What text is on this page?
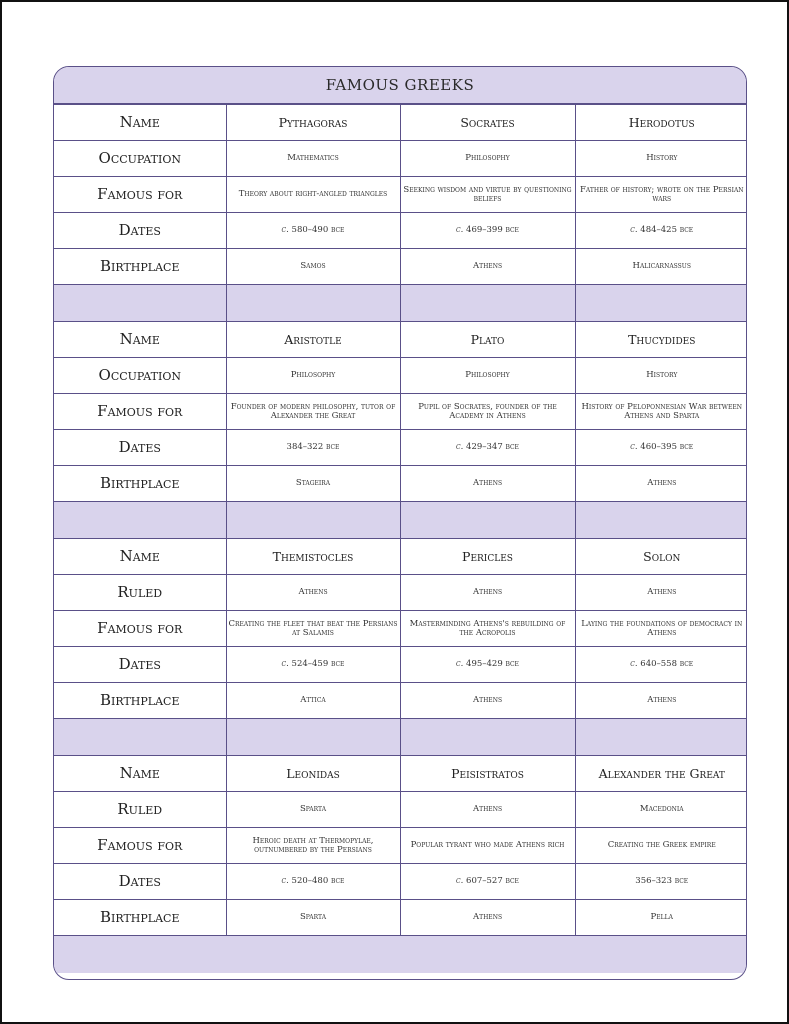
FAMOUS GREEKS
Name	Pythagoras	Socrates	Herodotus
Occupation	Mathematics	Philosophy	History
Famous for	Theory about right-angled triangles	Seeking wisdom and virtue by questioning beliefs	Father of history; wrote on the Persian wars
Dates	c. 580–490 bce	c. 469–399 bce	c. 484–425 bce
Birthplace	Samos	Athens	Halicarnassus

Name	Aristotle	Plato	Thucydides
Occupation	Philosophy	Philosophy	History
Famous for	Founder of modern philosophy, tutor of Alexander the Great	Pupil of Socrates, founder of the Academy in Athens	History of Peloponnesian War between Athens and Sparta
Dates	384–322 bce	c. 429–347 bce	c. 460–395 bce
Birthplace	Stageira	Athens	Athens

Name	Themistocles	Pericles	Solon
Ruled	Athens	Athens	Athens
Famous for	Creating the fleet that beat the Persians at Salamis	Masterminding Athens's rebuilding of the Acropolis	Laying the foundations of democracy in Athens
Dates	c. 524–459 bce	c. 495–429 bce	c. 640–558 bce
Birthplace	Attica	Athens	Athens

Name	Leonidas	Peisistratos	Alexander the Great
Ruled	Sparta	Athens	Macedonia
Famous for	Heroic death at Thermopylae, outnumbered by the Persians	Popular tyrant who made Athens rich	Creating the Greek empire
Dates	c. 520–480 bce	c. 607–527 bce	356–323 bce
Birthplace	Sparta	Athens	Pella
